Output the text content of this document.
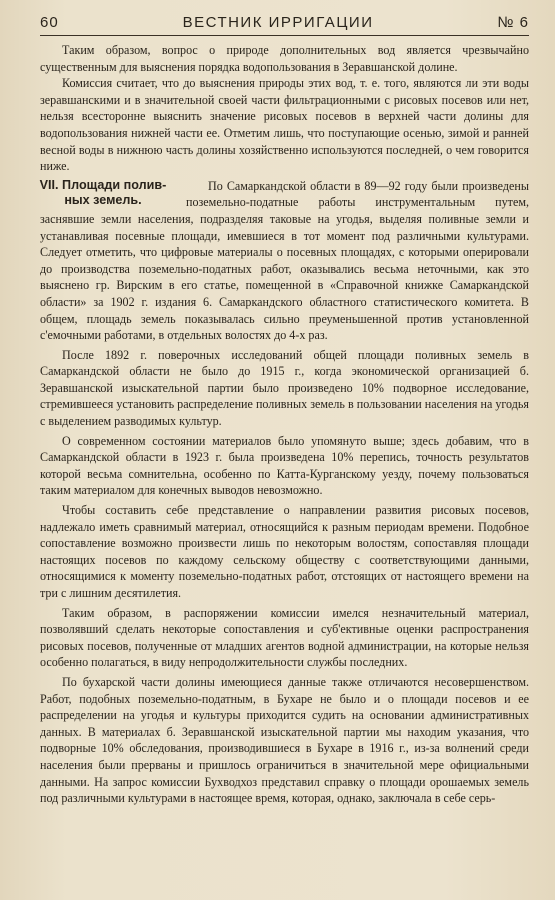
60	ВЕСТНИК ИРРИГАЦИИ	№ 6

Таким образом, вопрос о природе дополнительных вод является чрезвычайно существенным для выяснения порядка водопользования в Зеравшанской долине.

Комиссия считает, что до выяснения природы этих вод, т. е. того, являются ли эти воды зеравшанскими и в значительной своей части фильтрационными с рисовых посевов или нет, нельзя всесторонне выяснить значение рисовых посевов в верхней части долины для водопользования нижней части ее. Отметим лишь, что поступающие осенью, зимой и ранней весной воды в нижнюю часть долины хозяйственно используются последней, о чем говорится ниже.

VII. Площади полив-ных земель.
По Самаркандской области в 89—92 году были произведены поземельно-податные работы инструментальным путем, заснявшие земли населения, подразделяя таковые на угодья, выделяя поливные земли и устанавливая посевные площади, имевшиеся в тот момент под различными культурами. Следует отметить, что цифровые материалы о посевных площадях, с которыми оперировали до производства поземельно-податных работ, оказывались весьма неточными, как это выяснено гр. Вирским в его статье, помещенной в «Справочной книжке Самаркандской области» за 1902 г. издания 6. Самаркандского областного статистического комитета. В общем, площадь земель показывалась сильно преуменьшенной против установленной с'емочными работами, в отдельных волостях до 4-х раз.

После 1892 г. поверочных исследований общей площади поливных земель в Самаркандской области не было до 1915 г., когда экономической организацией б. Зеравшанской изыскательной партии было произведено 10% подворное исследование, стремившееся установить распределение поливных земель в пользовании населения на угодья с выделением разводимых культур.

О современном состоянии материалов было упомянуто выше; здесь добавим, что в Самаркандской области в 1923 г. была произведена 10% перепись, точность результатов которой весьма сомнительна, особенно по Катта-Курганскому уезду, почему пользоваться таким материалом для конечных выводов невозможно.

Чтобы составить себе представление о направлении развития рисовых посевов, надлежало иметь сравнимый материал, относящийся к разным периодам времени. Подобное сопоставление возможно произвести лишь по некоторым волостям, сопоставляя площади настоящих посевов по каждому сельскому обществу с соответствующими данными, относящимися к моменту поземельно-податных работ, отстоящих от настоящего времени на три с лишним десятилетия.

Таким образом, в распоряжении комиссии имелся незначительный материал, позволявший сделать некоторые сопоставления и суб'ективные оценки распространения рисовых посевов, полученные от младших агентов водной администрации, на которые нельзя особенно полагаться, в виду непродолжительности службы последних.

По бухарской части долины имеющиеся данные также отличаются несовершенством. Работ, подобных поземельно-податным, в Бухаре не было и о площади посевов и ее распределении на угодья и культуры приходится судить на основании административных данных. В материалах б. Зеравшанской изыскательной партии мы находим указания, что подворные 10% обследования, производившиеся в Бухаре в 1916 г., из-за волнений среди населения были прерваны и пришлось ограничиться в значительной мере официальными данными. На запрос комиссии Бухводхоз представил справку о площади орошаемых земель под различными культурами в настоящее время, которая, однако, заключала в себе серь-
